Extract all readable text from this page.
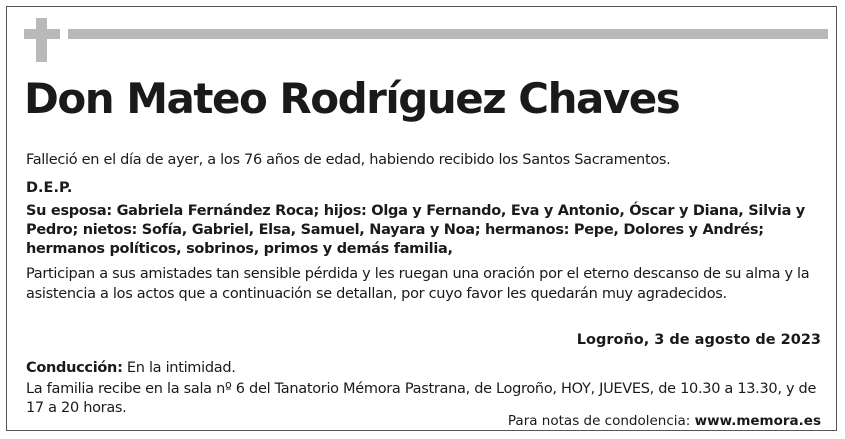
Don Mateo Rodríguez Chaves

Falleció en el día de ayer, a los 76 años de edad, habiendo recibido los Santos Sacramentos.

D.E.P.

Su esposa: Gabriela Fernández Roca; hijos: Olga y Fernando, Eva y Antonio, Óscar y Diana, Silvia y Pedro; nietos: Sofía, Gabriel, Elsa, Samuel, Nayara y Noa; hermanos: Pepe, Dolores y Andrés; hermanos políticos, sobrinos, primos y demás familia,

Participan a sus amistades tan sensible pérdida y les ruegan una oración por el eterno descanso de su alma y la asistencia a los actos que a continuación se detallan, por cuyo favor les quedarán muy agradecidos.

Logroño, 3 de agosto de 2023

Conducción: En la intimidad.

La familia recibe en la sala nº 6 del Tanatorio Mémora Pastrana, de Logroño, HOY, JUEVES, de 10.30 a 13.30, y de 17 a 20 horas.

Para notas de condolencia: www.memora.es
